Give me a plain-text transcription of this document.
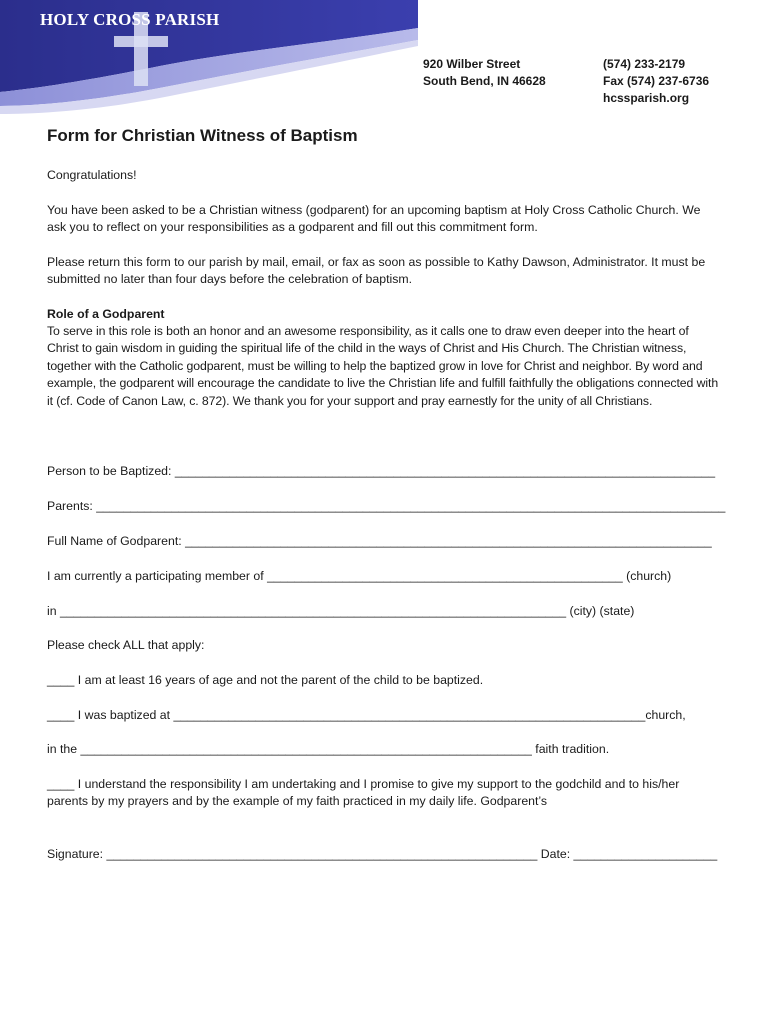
HOLY CROSS PARISH
920 Wilber Street
South Bend, IN 46628
(574) 233-2179
Fax (574) 237-6736
hcssparish.org
Form for Christian Witness of Baptism

Congratulations!

You have been asked to be a Christian witness (godparent) for an upcoming baptism at Holy Cross Catholic Church. We ask you to reflect on your responsibilities as a godparent and fill out this commitment form.

Please return this form to our parish by mail, email, or fax as soon as possible to Kathy Dawson, Administrator. It must be submitted no later than four days before the celebration of baptism.

Role of a Godparent

To serve in this role is both an honor and an awesome responsibility, as it calls one to draw even deeper into the heart of Christ to gain wisdom in guiding the spiritual life of the child in the ways of Christ and His Church. The Christian witness, together with the Catholic godparent, must be willing to help the baptized grow in love for Christ and neighbor. By word and example, the godparent will encourage the candidate to live the Christian life and fulfill faithfully the obligations connected with it (cf. Code of Canon Law, c. 872). We thank you for your support and pray earnestly for the unity of all Christians.

Person to be Baptized: _______________________________________________________________________________
Parents: ____________________________________________________________________________________________
Full Name of Godparent: _____________________________________________________________________________
I am currently a participating member of ____________________________________________________ (church)
in __________________________________________________________________________ (city) (state)
Please check ALL that apply:
____ I am at least 16 years of age and not the parent of the child to be baptized.
____ I was baptized at _____________________________________________________________________church,
in the __________________________________________________________________ faith tradition.

____ I understand the responsibility I am undertaking and I promise to give my support to the godchild and to his/her parents by my prayers and by the example of my faith practiced in my daily life. Godparent’s

Signature: _______________________________________________________________ Date: _____________________
